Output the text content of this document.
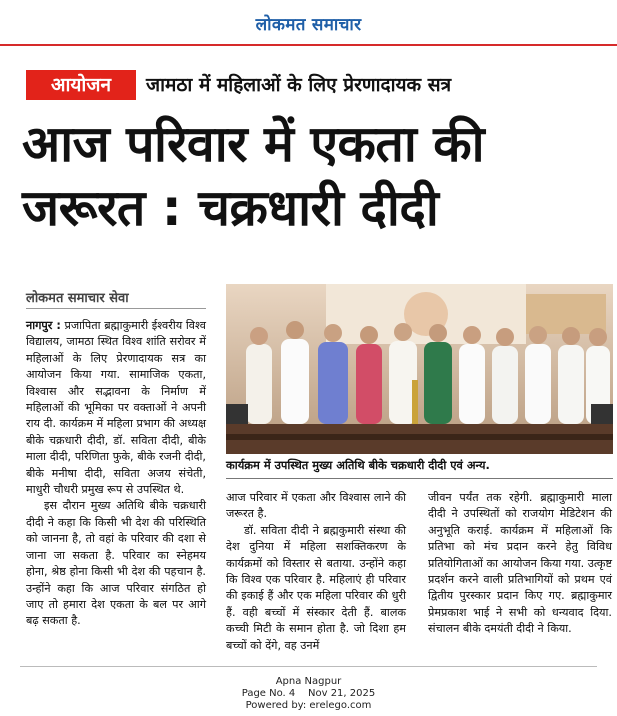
लोकमत समाचार
आयोजन	जामठा में महिलाओं के लिए प्रेरणादायक सत्र
आज परिवार में एकता की जरूरत : चक्रधारी दीदी
लोकमत समाचार सेवा

नागपुर : प्रजापिता ब्रह्माकुमारी ईश्वरीय विश्व विद्यालय, जामठा स्थित विश्व शांति सरोवर में महिलाओं के लिए प्रेरणादायक सत्र का आयोजन किया गया. सामाजिक एकता, विश्वास और सद्भावना के निर्माण में महिलाओं की भूमिका पर वक्ताओं ने अपनी राय दी. कार्यक्रम में महिला प्रभाग की अध्यक्ष बीके चक्रधारी दीदी, डॉ. सविता दीदी, बीके माला दीदी, परिणिता फुके, बीके रजनी दीदी, बीके मनीषा दीदी, सविता अजय संचेती, माधुरी चौधरी प्रमुख रूप से उपस्थित थे.

इस दौरान मुख्य अतिथि बीके चक्रधारी दीदी ने कहा कि किसी भी देश की परिस्थिति को जानना है, तो वहां के परिवार की दशा से जाना जा सकता है. परिवार का स्नेहमय होना, श्रेष्ठ होना किसी भी देश की पहचान है. उन्होंने कहा कि आज परिवार संगठित हो जाए तो हमारा देश एकता के बल पर आगे बढ़ सकता है.

कार्यक्रम में उपस्थित मुख्य अतिथि बीके चक्रधारी दीदी एवं अन्य.

आज परिवार में एकता और विश्वास लाने की जरूरत है.

डॉ. सविता दीदी ने ब्रह्मकुमारी संस्था की देश दुनिया में महिला सशक्तिकरण के कार्यक्रमों को विस्तार से बताया. उन्होंने कहा कि विश्व एक परिवार है. महिलाएं ही परिवार की इकाई हैं और एक महिला परिवार की धुरी हैं. वही बच्चों में संस्कार देती हैं. बालक कच्ची मिटी के समान होता है. जो दिशा हम बच्चों को देंगे, वह उनमें

जीवन पर्यंत तक रहेगी. ब्रह्माकुमारी माला दीदी ने उपस्थितों को राजयोग मेडिटेशन की अनुभूति कराई. कार्यक्रम में महिलाओं कि प्रतिभा को मंच प्रदान करने हेतु विविध प्रतियोगिताओं का आयोजन किया गया. उत्कृष्ट प्रदर्शन करने वाली प्रतिभागियों को प्रथम एवं द्वितीय पुरस्कार प्रदान किए गए. ब्रह्माकुमार प्रेमप्रकाश भाई ने सभी को धन्यवाद दिया. संचालन बीके दमयंती दीदी ने किया.

Apna Nagpur
Page No. 4    Nov 21, 2025
Powered by: erelego.com
